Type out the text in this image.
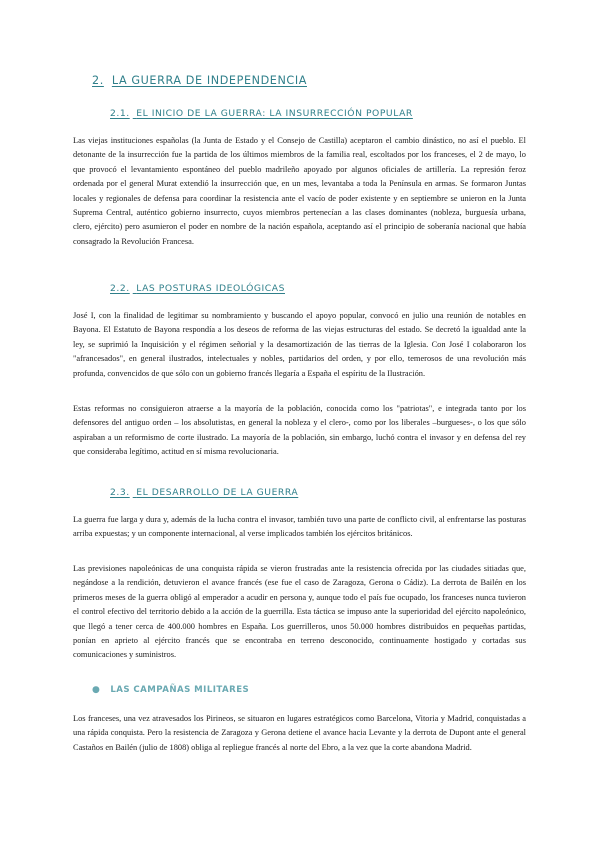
2. LA GUERRA DE INDEPENDENCIA
2.1. EL INICIO DE LA GUERRA: LA INSURRECCIÓN POPULAR

Las viejas instituciones españolas (la Junta de Estado y el Consejo de Castilla) aceptaron el cambio dinástico, no así el pueblo. El detonante de la insurrección fue la partida de los últimos miembros de la familia real, escoltados por los franceses, el 2 de mayo, lo que provocó el levantamiento espontáneo del pueblo madrileño apoyado por algunos oficiales de artillería. La represión feroz ordenada por el general Murat extendió la insurrección que, en un mes, levantaba a toda la Península en armas. Se formaron Juntas locales y regionales de defensa para coordinar la resistencia ante el vacío de poder existente y en septiembre se unieron en la Junta Suprema Central, auténtico gobierno insurrecto, cuyos miembros pertenecían a las clases dominantes (nobleza, burguesía urbana, clero, ejército) pero asumieron el poder en nombre de la nación española, aceptando así el principio de soberanía nacional que había consagrado la Revolución Francesa.

2.2. LAS POSTURAS IDEOLÓGICAS

José I, con la finalidad de legitimar su nombramiento y buscando el apoyo popular, convocó en julio una reunión de notables en Bayona. El Estatuto de Bayona respondía a los deseos de reforma de las viejas estructuras del estado. Se decretó la igualdad ante la ley, se suprimió la Inquisición y el régimen señorial y la desamortización de las tierras de la Iglesia. Con José I colaboraron los "afrancesados", en general ilustrados, intelectuales y nobles, partidarios del orden, y por ello, temerosos de una revolución más profunda, convencidos de que sólo con un gobierno francés llegaría a España el espíritu de la Ilustración.

Estas reformas no consiguieron atraerse a la mayoría de la población, conocida como los "patriotas", e integrada tanto por los defensores del antiguo orden – los absolutistas, en general la nobleza y el clero-, como por los liberales –burgueses-, o los que sólo aspiraban a un reformismo de corte ilustrado. La mayoría de la población, sin embargo, luchó contra el invasor y en defensa del rey que consideraba legítimo, actitud en sí misma revolucionaria.

2.3. EL DESARROLLO DE LA GUERRA

La guerra fue larga y dura y, además de la lucha contra el invasor, también tuvo una parte de conflicto civil, al enfrentarse las posturas arriba expuestas; y un componente internacional, al verse implicados también los ejércitos británicos.

Las previsiones napoleónicas de una conquista rápida se vieron frustradas ante la resistencia ofrecida por las ciudades sitiadas que, negándose a la rendición, detuvieron el avance francés (ese fue el caso de Zaragoza, Gerona o Cádiz). La derrota de Bailén en los primeros meses de la guerra obligó al emperador a acudir en persona y, aunque todo el país fue ocupado, los franceses nunca tuvieron el control efectivo del territorio debido a la acción de la guerrilla. Esta táctica se impuso ante la superioridad del ejército napoleónico, que llegó a tener cerca de 400.000 hombres en España. Los guerrilleros, unos 50.000 hombres distribuidos en pequeñas partidas, ponían en aprieto al ejército francés que se encontraba en terreno desconocido, continuamente hostigado y cortadas sus comunicaciones y suministros.

● LAS CAMPAÑAS MILITARES

Los franceses, una vez atravesados los Pirineos, se situaron en lugares estratégicos como Barcelona, Vitoria y Madrid, conquistadas a una rápida conquista. Pero la resistencia de Zaragoza y Gerona detiene el avance hacia Levante y la derrota de Dupont ante el general Castaños en Bailén (julio de 1808) obliga al repliegue francés al norte del Ebro, a la vez que la corte abandona Madrid.
